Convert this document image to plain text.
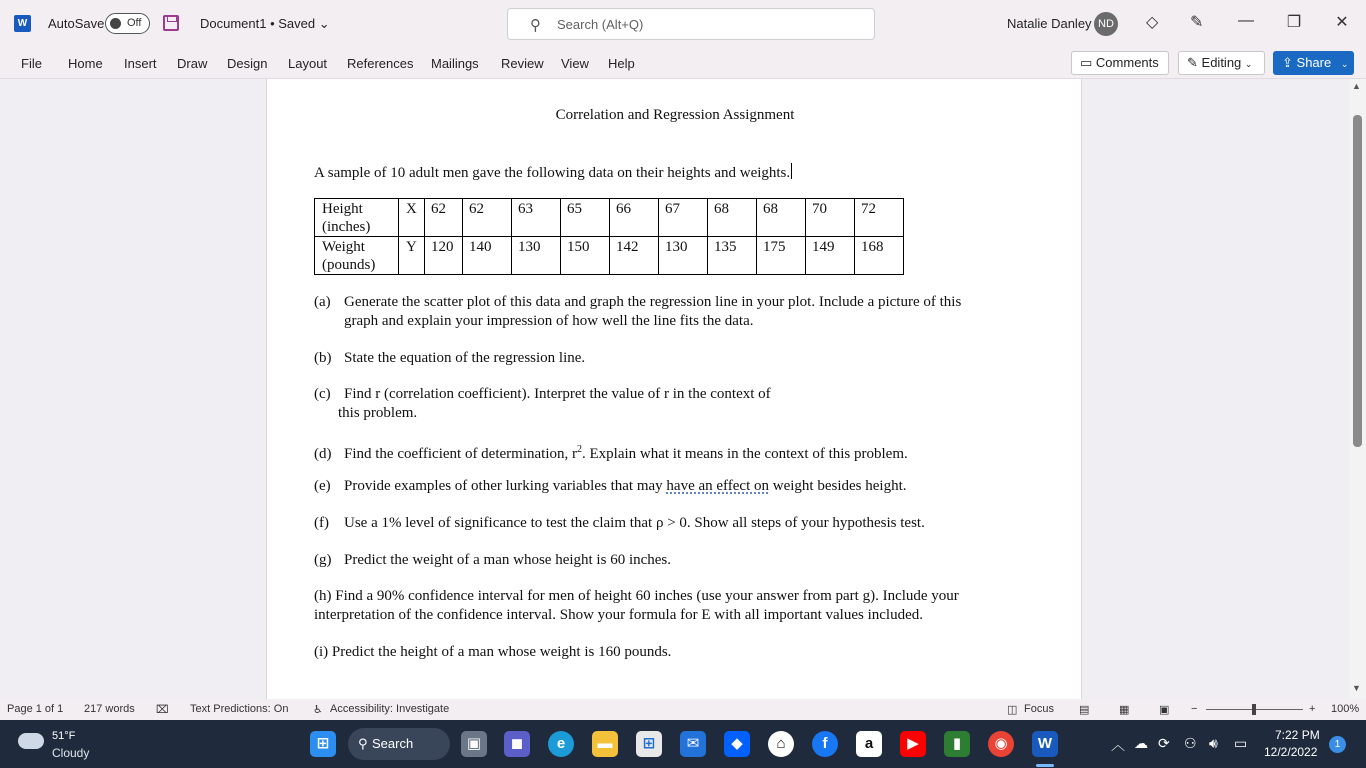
W AutoSave Off	Document1 • Saved ⌄	⚲ Search (Alt+Q)	Natalie Danley ND ◇ ✎	—	❐	✕
File Home Insert Draw Design Layout References Mailings Review View Help	▭ Comments	✎ Editing ⌄	⇪ Share ⌄
Correlation and Regression Assignment
A sample of 10 adult men gave the following data on their heights and weights.
Height
(inches)	X	62	62	63	65	66	67	68	68	70	72
Weight
(pounds)	Y	120	140	130	150	142	130	135	175	149	168
(a) Generate the scatter plot of this data and graph the regression line in your plot. Include a picture of this
graph and explain your impression of how well the line fits the data.
(b) State the equation of the regression line.
(c) Find r (correlation coefficient). Interpret the value of r in the context of
this problem.
(d) Find the coefficient of determination, $r^2$. Explain what it means in the context of this problem.
(e) Provide examples of other lurking variables that may have an effect on weight besides height.
(f) Use a 1% level of significance to test the claim that ρ > 0. Show all steps of your hypothesis test.
(g) Predict the weight of a man whose height is 60 inches.
(h) Find a 90% confidence interval for men of height 60 inches (use your answer from part g). Include your
interpretation of the confidence interval. Show your formula for E with all important values included.
(i) Predict the height of a man whose weight is 160 pounds.
▲
▼
Page 1 of 1 217 words ⌧ Text Predictions: On ♿ Accessibility: Investigate	◫ Focus ▤	▦	▣ −	+ 100%
51°F
Cloudy
⊞	⚲ Search	▣	◼	e	▬	⊞	✉	◆	⌂	f	a	▶	▮	◉	W	︿ ☁ ⟳ ⚇ 🔊︎ ▭ 7:22 PM
12/2/2022
1
